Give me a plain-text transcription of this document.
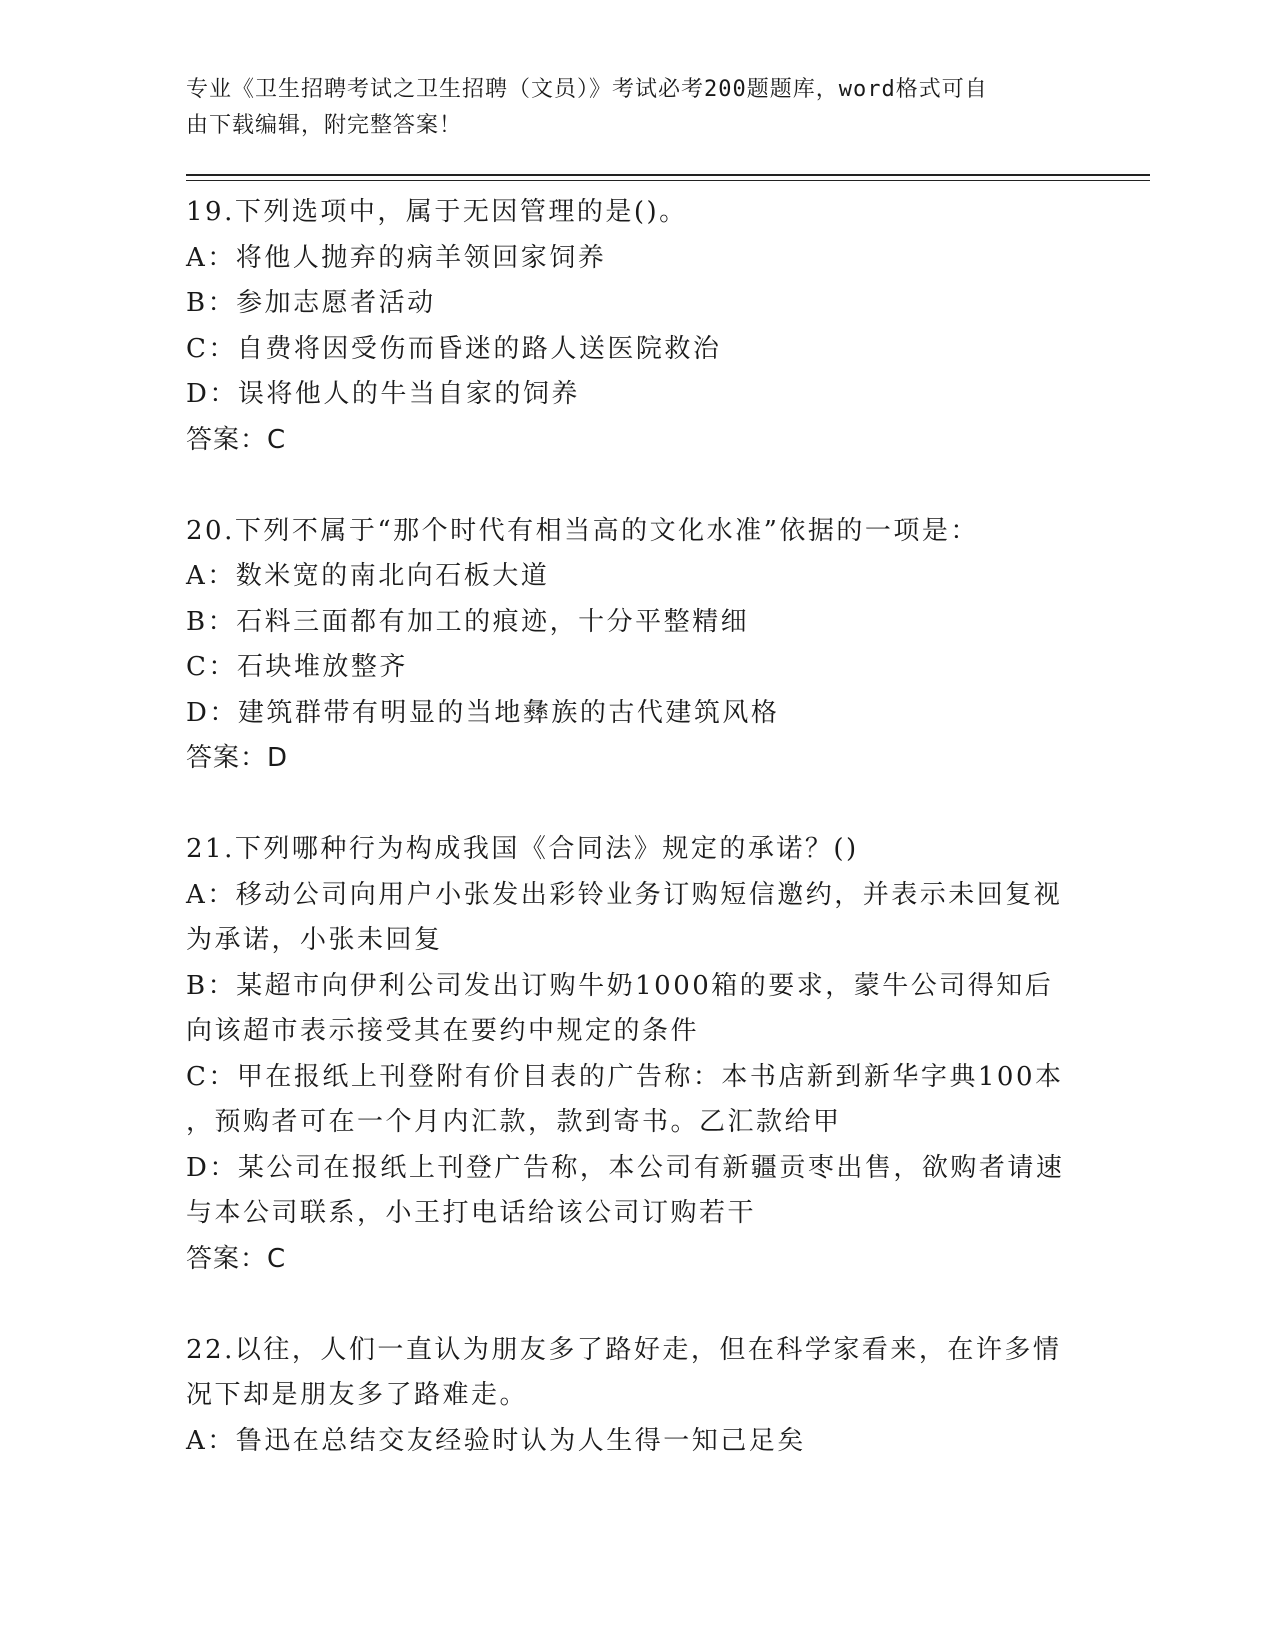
专业《卫生招聘考试之卫生招聘（文员）》考试必考200题题库，word格式可自
由下载编辑，附完整答案！
19.下列选项中，属于无因管理的是()。
A：将他人抛弃的病羊领回家饲养
B：参加志愿者活动
C：自费将因受伤而昏迷的路人送医院救治
D：误将他人的牛当自家的饲养
答案：C
20.下列不属于“那个时代有相当高的文化水准”依据的一项是：
A：数米宽的南北向石板大道
B：石料三面都有加工的痕迹，十分平整精细
C：石块堆放整齐
D：建筑群带有明显的当地彝族的古代建筑风格
答案：D
21.下列哪种行为构成我国《合同法》规定的承诺？()
A：移动公司向用户小张发出彩铃业务订购短信邀约，并表示未回复视
为承诺，小张未回复
B：某超市向伊利公司发出订购牛奶1000箱的要求，蒙牛公司得知后
向该超市表示接受其在要约中规定的条件
C：甲在报纸上刊登附有价目表的广告称：本书店新到新华字典100本
，预购者可在一个月内汇款，款到寄书。乙汇款给甲
D：某公司在报纸上刊登广告称，本公司有新疆贡枣出售，欲购者请速
与本公司联系，小王打电话给该公司订购若干
答案：C
22.以往，人们一直认为朋友多了路好走，但在科学家看来，在许多情
况下却是朋友多了路难走。
A：鲁迅在总结交友经验时认为人生得一知己足矣
